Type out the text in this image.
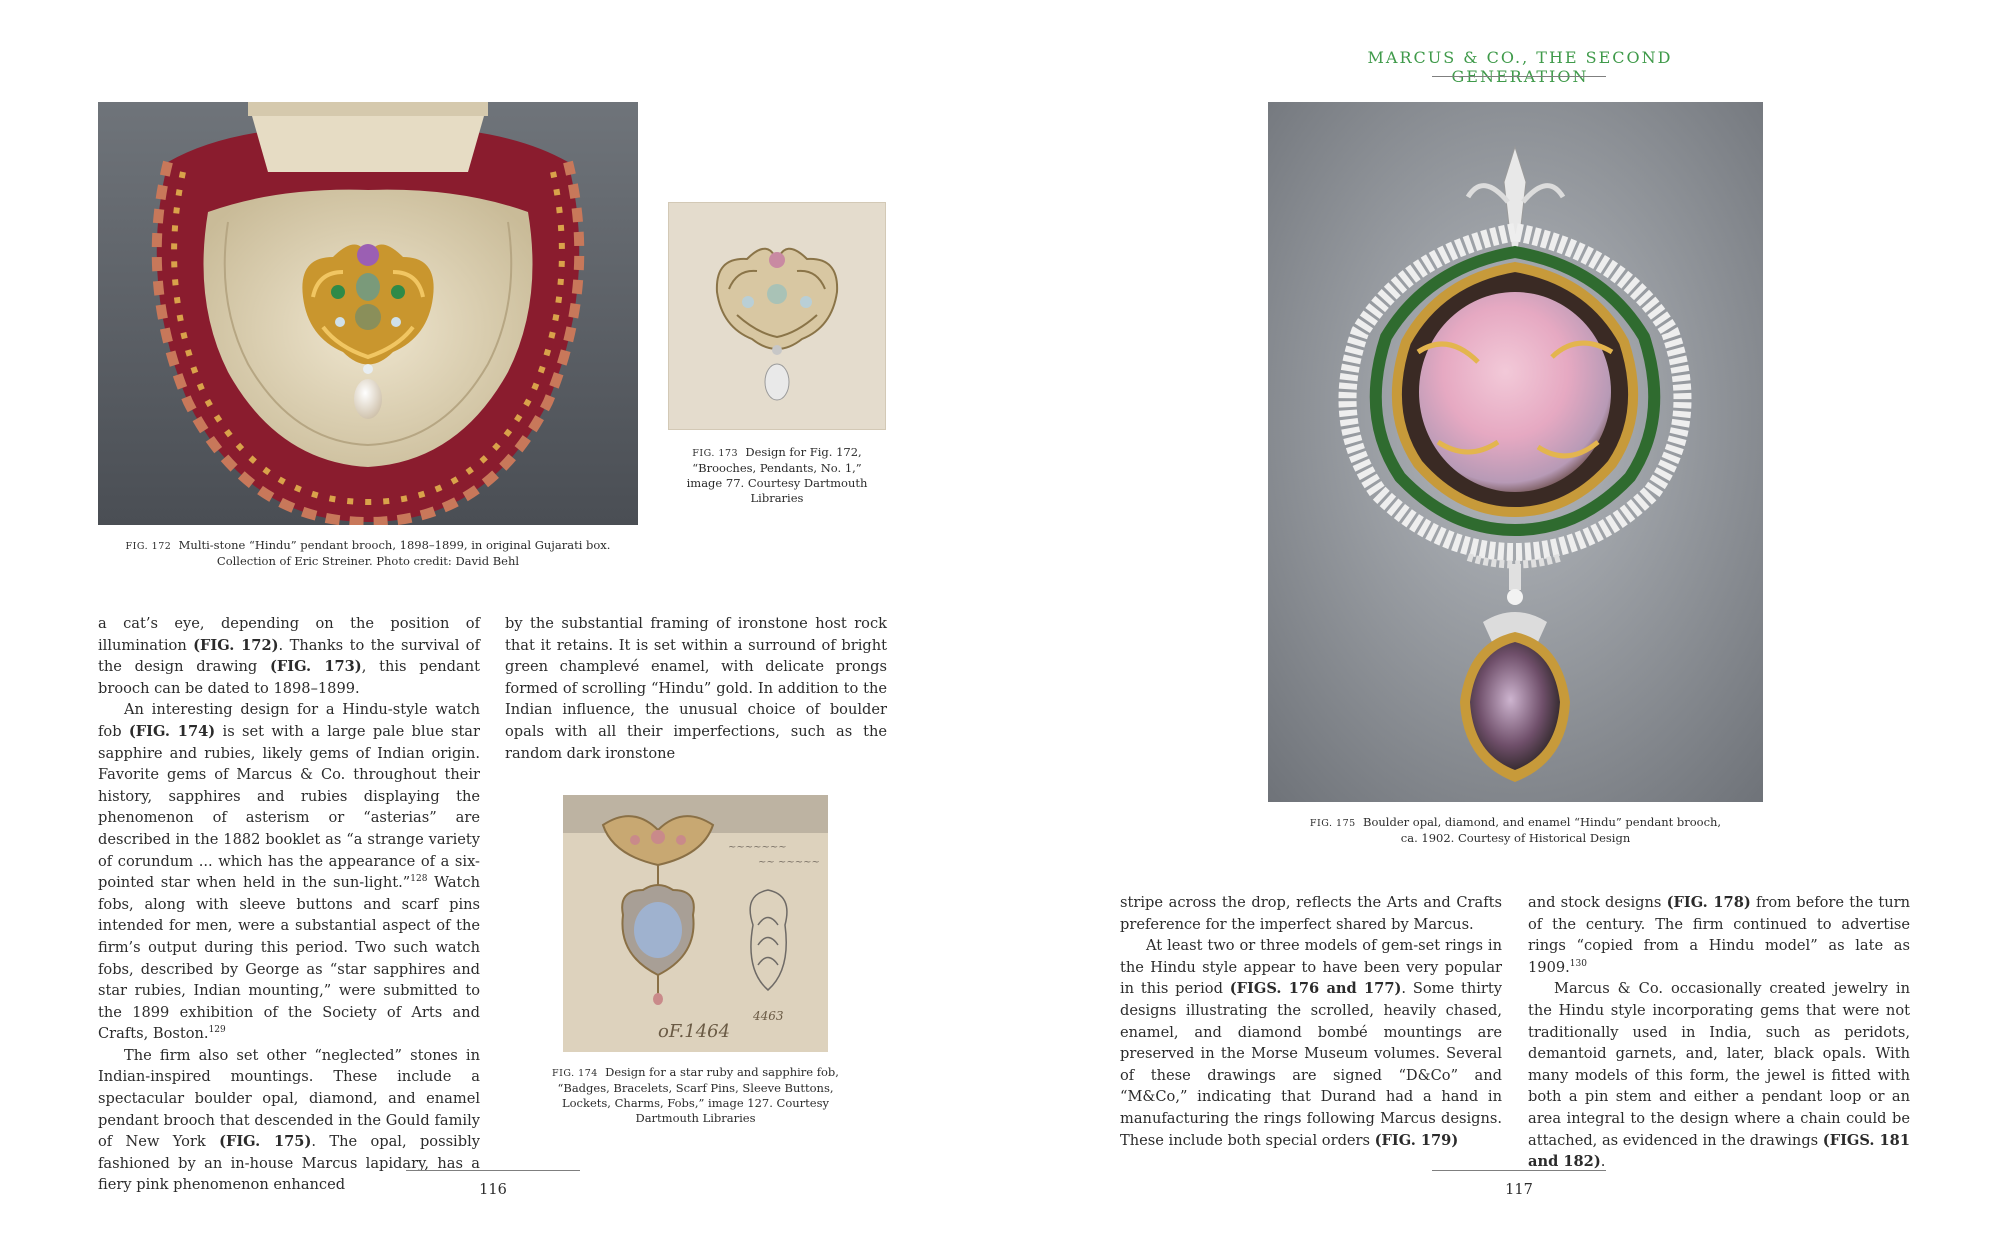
MARCUS & CO., THE SECOND GENERATION
FIG. 172 Multi-stone “Hindu” pendant brooch, 1898–1899, in original Gujarati box.
Collection of Eric Streiner. Photo credit: David Behl
FIG. 173 Design for Fig. 172,
“Brooches, Pendants, No. 1,”
image 77. Courtesy Dartmouth
Libraries
~~ ~~~~~
~~~~~~~
oF.1464
4463
FIG. 174 Design for a star ruby and sapphire fob,
“Badges, Bracelets, Scarf Pins, Sleeve Buttons,
Lockets, Charms, Fobs,” image 127. Courtesy
Dartmouth Libraries
FIG. 175 Boulder opal, diamond, and enamel “Hindu” pendant brooch,
ca. 1902. Courtesy of Historical Design

a cat’s eye, depending on the position of illumination (FIG. 172). Thanks to the survival of the design drawing (FIG. 173), this pendant brooch can be dated to 1898–1899.

An interesting design for a Hindu-style watch fob (FIG. 174) is set with a large pale blue star sapphire and rubies, likely gems of Indian origin. Favorite gems of Marcus & Co. throughout their history, sapphires and rubies displaying the phenomenon of asterism or “asterias” are described in the 1882 booklet as “a strange variety of corundum ... which has the appearance of a six-pointed star when held in the sun-light.”$^{128}$ Watch fobs, along with sleeve buttons and scarf pins intended for men, were a substantial aspect of the firm’s output during this period. Two such watch fobs, described by George as “star sapphires and star rubies, Indian mounting,” were submitted to the 1899 exhibition of the Society of Arts and Crafts, Boston.$^{129}$

The firm also set other “neglected” stones in Indian-inspired mountings. These include a spectacular boulder opal, diamond, and enamel pendant brooch that descended in the Gould family of New York (FIG. 175). The opal, possibly fashioned by an in-house Marcus lapidary, has a fiery pink phenomenon enhanced

by the substantial framing of ironstone host rock that it retains. It is set within a surround of bright green champlevé enamel, with delicate prongs formed of scrolling “Hindu” gold. In addition to the Indian influence, the unusual choice of boulder opals with all their imperfections, such as the random dark ironstone

stripe across the drop, reflects the Arts and Crafts preference for the imperfect shared by Marcus.

At least two or three models of gem-set rings in the Hindu style appear to have been very popular in this period (FIGS. 176 and 177). Some thirty designs illustrating the scrolled, heavily chased, enamel, and diamond bombé mountings are preserved in the Morse Museum volumes. Several of these drawings are signed “D&Co” and “M&Co,” indicating that Durand had a hand in manufacturing the rings following Marcus designs. These include both special orders (FIG. 179)

and stock designs (FIG. 178) from before the turn of the century. The firm continued to advertise rings “copied from a Hindu model” as late as 1909.$^{130}$

Marcus & Co. occasionally created jewelry in the Hindu style incorporating gems that were not traditionally used in India, such as peridots, demantoid garnets, and, later, black opals. With many models of this form, the jewel is fitted with both a pin stem and either a pendant loop or an area integral to the design where a chain could be attached, as evidenced in the drawings (FIGS. 181 and 182).

116	117
